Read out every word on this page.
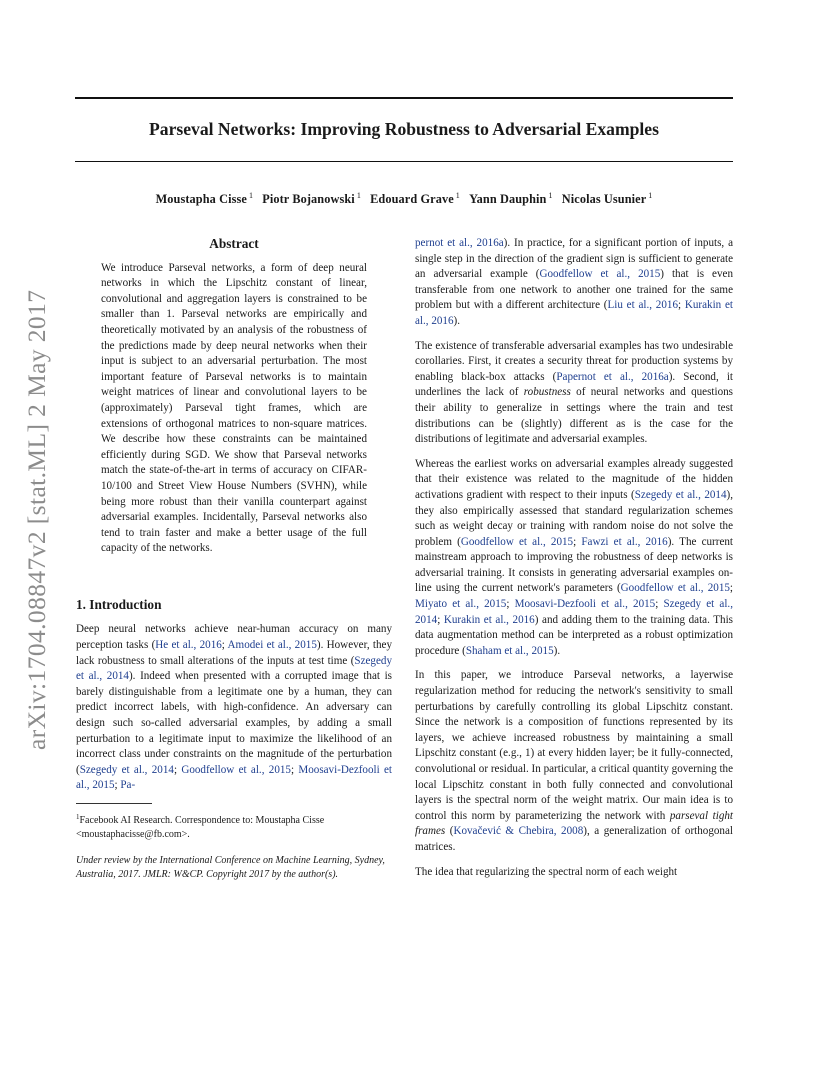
Parseval Networks: Improving Robustness to Adversarial Examples
Moustapha Cisse $^1$ Piotr Bojanowski $^1$ Edouard Grave $^1$ Yann Dauphin $^1$ Nicolas Usunier $^1$
arXiv:1704.08847v2 [stat.ML] 2 May 2017
Abstract

We introduce Parseval networks, a form of deep neural networks in which the Lipschitz constant of linear, convolutional and aggregation layers is constrained to be smaller than 1. Parseval networks are empirically and theoretically motivated by an analysis of the robustness of the predictions made by deep neural networks when their input is subject to an adversarial perturbation. The most important feature of Parseval networks is to maintain weight matrices of linear and convolutional layers to be (approximately) Parseval tight frames, which are extensions of orthogonal matrices to non-square matrices. We describe how these constraints can be maintained efficiently during SGD. We show that Parseval networks match the state-of-the-art in terms of accuracy on CIFAR-10/100 and Street View House Numbers (SVHN), while being more robust than their vanilla counterpart against adversarial examples. Incidentally, Parseval networks also tend to train faster and make a better usage of the full capacity of the networks.

1. Introduction

Deep neural networks achieve near-human accuracy on many perception tasks (He et al., 2016; Amodei et al., 2015). However, they lack robustness to small alterations of the inputs at test time (Szegedy et al., 2014). Indeed when presented with a corrupted image that is barely distinguishable from a legitimate one by a human, they can predict incorrect labels, with high-confidence. An adversary can design such so-called adversarial examples, by adding a small perturbation to a legitimate input to maximize the likelihood of an incorrect class under constraints on the magnitude of the perturbation (Szegedy et al., 2014; Goodfellow et al., 2015; Moosavi-Dezfooli et al., 2015; Pa-

$^1$Facebook AI Research. Correspondence to: Moustapha Cisse <moustaphacisse@fb.com>.

Under review by the International Conference on Machine Learning, Sydney, Australia, 2017. JMLR: W&CP. Copyright 2017 by the author(s).

pernot et al., 2016a). In practice, for a significant portion of inputs, a single step in the direction of the gradient sign is sufficient to generate an adversarial example (Goodfellow et al., 2015) that is even transferable from one network to another one trained for the same problem but with a different architecture (Liu et al., 2016; Kurakin et al., 2016).

The existence of transferable adversarial examples has two undesirable corollaries. First, it creates a security threat for production systems by enabling black-box attacks (Papernot et al., 2016a). Second, it underlines the lack of robustness of neural networks and questions their ability to generalize in settings where the train and test distributions can be (slightly) different as is the case for the distributions of legitimate and adversarial examples.

Whereas the earliest works on adversarial examples already suggested that their existence was related to the magnitude of the hidden activations gradient with respect to their inputs (Szegedy et al., 2014), they also empirically assessed that standard regularization schemes such as weight decay or training with random noise do not solve the problem (Goodfellow et al., 2015; Fawzi et al., 2016). The current mainstream approach to improving the robustness of deep networks is adversarial training. It consists in generating adversarial examples on-line using the current network's parameters (Goodfellow et al., 2015; Miyato et al., 2015; Moosavi-Dezfooli et al., 2015; Szegedy et al., 2014; Kurakin et al., 2016) and adding them to the training data. This data augmentation method can be interpreted as a robust optimization procedure (Shaham et al., 2015).

In this paper, we introduce Parseval networks, a layerwise regularization method for reducing the network's sensitivity to small perturbations by carefully controlling its global Lipschitz constant. Since the network is a composition of functions represented by its layers, we achieve increased robustness by maintaining a small Lipschitz constant (e.g., 1) at every hidden layer; be it fully-connected, convolutional or residual. In particular, a critical quantity governing the local Lipschitz constant in both fully connected and convolutional layers is the spectral norm of the weight matrix. Our main idea is to control this norm by parameterizing the network with parseval tight frames (Kovačević & Chebira, 2008), a generalization of orthogonal matrices.

The idea that regularizing the spectral norm of each weight
